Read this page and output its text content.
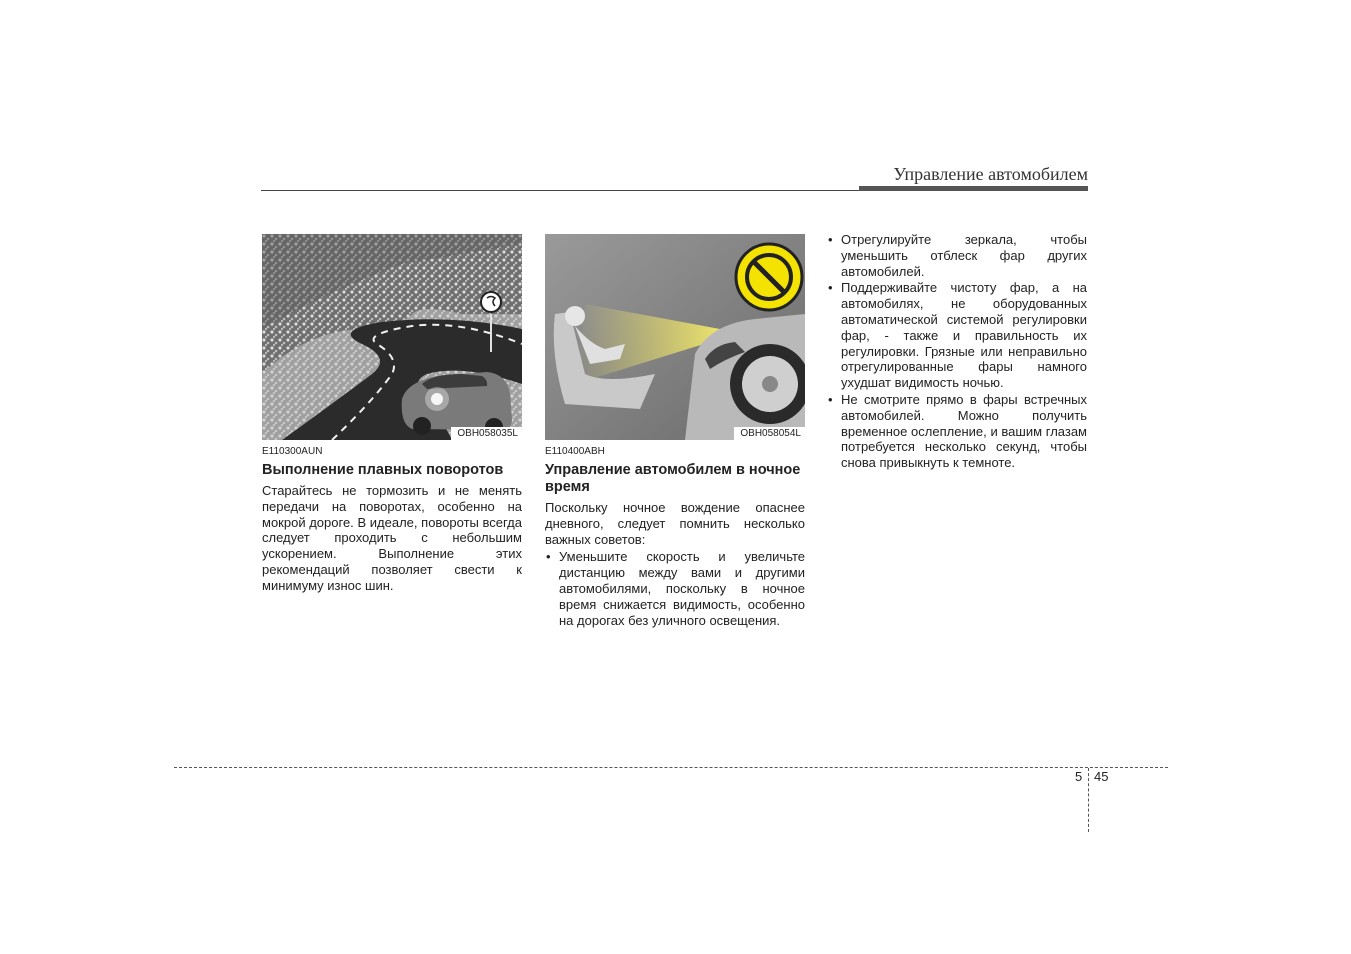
Управление автомобилем
OBH058035L
E110300AUN
Выполнение плавных поворотов

Старайтесь не тормозить и не менять передачи на поворотах, особенно на мокрой дороге. В идеале, повороты всегда следует проходить с небольшим ускорением. Выполнение этих рекомендаций позволяет свести к минимуму износ шин.

OBH058054L
E110400ABH
Управление автомобилем в ночное время

Поскольку ночное вождение опаснее дневного, следует помнить несколько важных советов:

• Уменьшите скорость и увеличьте дистанцию между вами и другими автомобилями, поскольку в ночное время снижается видимость, особенно на дорогах без уличного освещения.
• Отрегулируйте зеркала, чтобы уменьшить отблеск фар других автомобилей.
• Поддерживайте чистоту фар, а на автомобилях, не оборудованных автоматической системой регулировки фар, - также и правильность их регулировки. Грязные или неправильно отрегулированные фары намного ухудшат видимость ночью.
• Не смотрите прямо в фары встречных автомобилей. Можно получить временное ослепление, и вашим глазам потребуется несколько секунд, чтобы снова привыкнуть к темноте.
5 45
